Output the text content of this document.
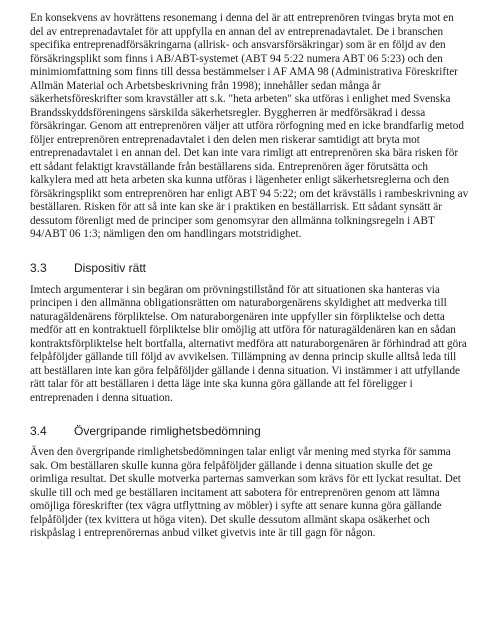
En konsekvens av hovrättens resonemang i denna del är att entreprenören tvingas bryta mot en del av entreprenadavtalet för att uppfylla en annan del av entreprenadavtalet. De i branschen specifika entreprenadförsäkringarna (allrisk- och ansvarsförsäkringar) som är en följd av den försäkringsplikt som finns i AB/ABT-systemet (ABT 94 5:22 numera ABT 06 5:23) och den minimiomfattning som finns till dessa bestämmelser i AF AMA 98 (Administrativa Föreskrifter Allmän Material och Arbetsbeskrivning från 1998); innehåller sedan många år säkerhetsföreskrifter som kravställer att s.k. "heta arbeten" ska utföras i enlighet med Svenska Brandsskyddsföreningens särskilda säkerhetsregler. Byggherren är medförsäkrad i dessa försäkringar. Genom att entreprenören väljer att utföra rörfogning med en icke brandfarlig metod följer entreprenören entreprenadavtalet i den delen men riskerar samtidigt att bryta mot entreprenadavtalet i en annan del. Det kan inte vara rimligt att entreprenören ska bära risken för ett sådant felaktigt kravställande från beställarens sida. Entreprenören äger förutsätta och kalkylera med att heta arbeten ska kunna utföras i lägenheter enligt säkerhetsreglerna och den försäkringsplikt som entreprenören har enligt ABT 94 5:22; om det krävställs i rambeskrivning av beställaren. Risken för att så inte kan ske är i praktiken en beställarrisk. Ett sådant synsätt är dessutom förenligt med de principer som genomsyrar den allmänna tolkningsregeln i ABT 94/ABT 06 1:3; nämligen den om handlingars motstridighet.

3.3	Dispositiv rätt

Imtech argumenterar i sin begäran om prövningstillstånd för att situationen ska hanteras via principen i den allmänna obligationsrätten om naturaborgenärens skyldighet att medverka till naturagäldenärens förpliktelse. Om naturaborgenären inte uppfyller sin förpliktelse och detta medför att en kontraktuell förpliktelse blir omöjlig att utföra för naturagäldenären kan en sådan kontraktsförpliktelse helt bortfalla, alternativt medföra att naturaborgenären är förhindrad att göra felpåföljder gällande till följd av avvikelsen. Tillämpning av denna princip skulle alltså leda till att beställaren inte kan göra felpåföljder gällande i denna situation. Vi instämmer i att utfyllande rätt talar för att beställaren i detta läge inte ska kunna göra gällande att fel föreligger i entreprenaden i denna situation.

3.4	Övergripande rimlighetsbedömning

Även den övergripande rimlighetsbedömningen talar enligt vår mening med styrka för samma sak. Om beställaren skulle kunna göra felpåföljder gällande i denna situation skulle det ge orimliga resultat. Det skulle motverka parternas samverkan som krävs för ett lyckat resultat. Det skulle till och med ge beställaren incitament att sabotera för entreprenören genom att lämna omöjliga föreskrifter (tex vägra utflyttning av möbler) i syfte att senare kunna göra gällande felpåföljder (tex kvittera ut höga viten). Det skulle dessutom allmänt skapa osäkerhet och riskpåslag i entreprenörernas anbud vilket givetvis inte är till gagn för någon.
